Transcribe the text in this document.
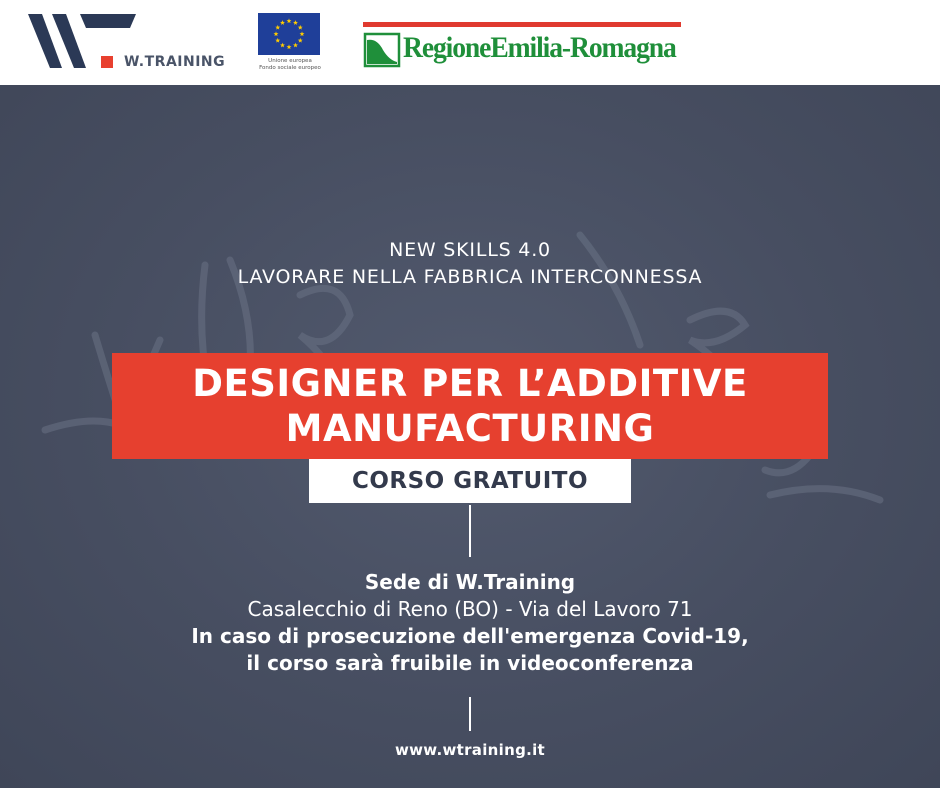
W.TRAINING	Unione europea
Fondo sociale europeo
RegioneEmilia-Romagna
NEW SKILLS 4.0
LAVORARE NELLA FABBRICA INTERCONNESSA
DESIGNER PER L’ADDITIVE
MANUFACTURING
CORSO GRATUITO
Sede di W.Training
Casalecchio di Reno (BO) - Via del Lavoro 71
In caso di prosecuzione dell'emergenza Covid-19,
il corso sarà fruibile in videoconferenza
www.wtraining.it
